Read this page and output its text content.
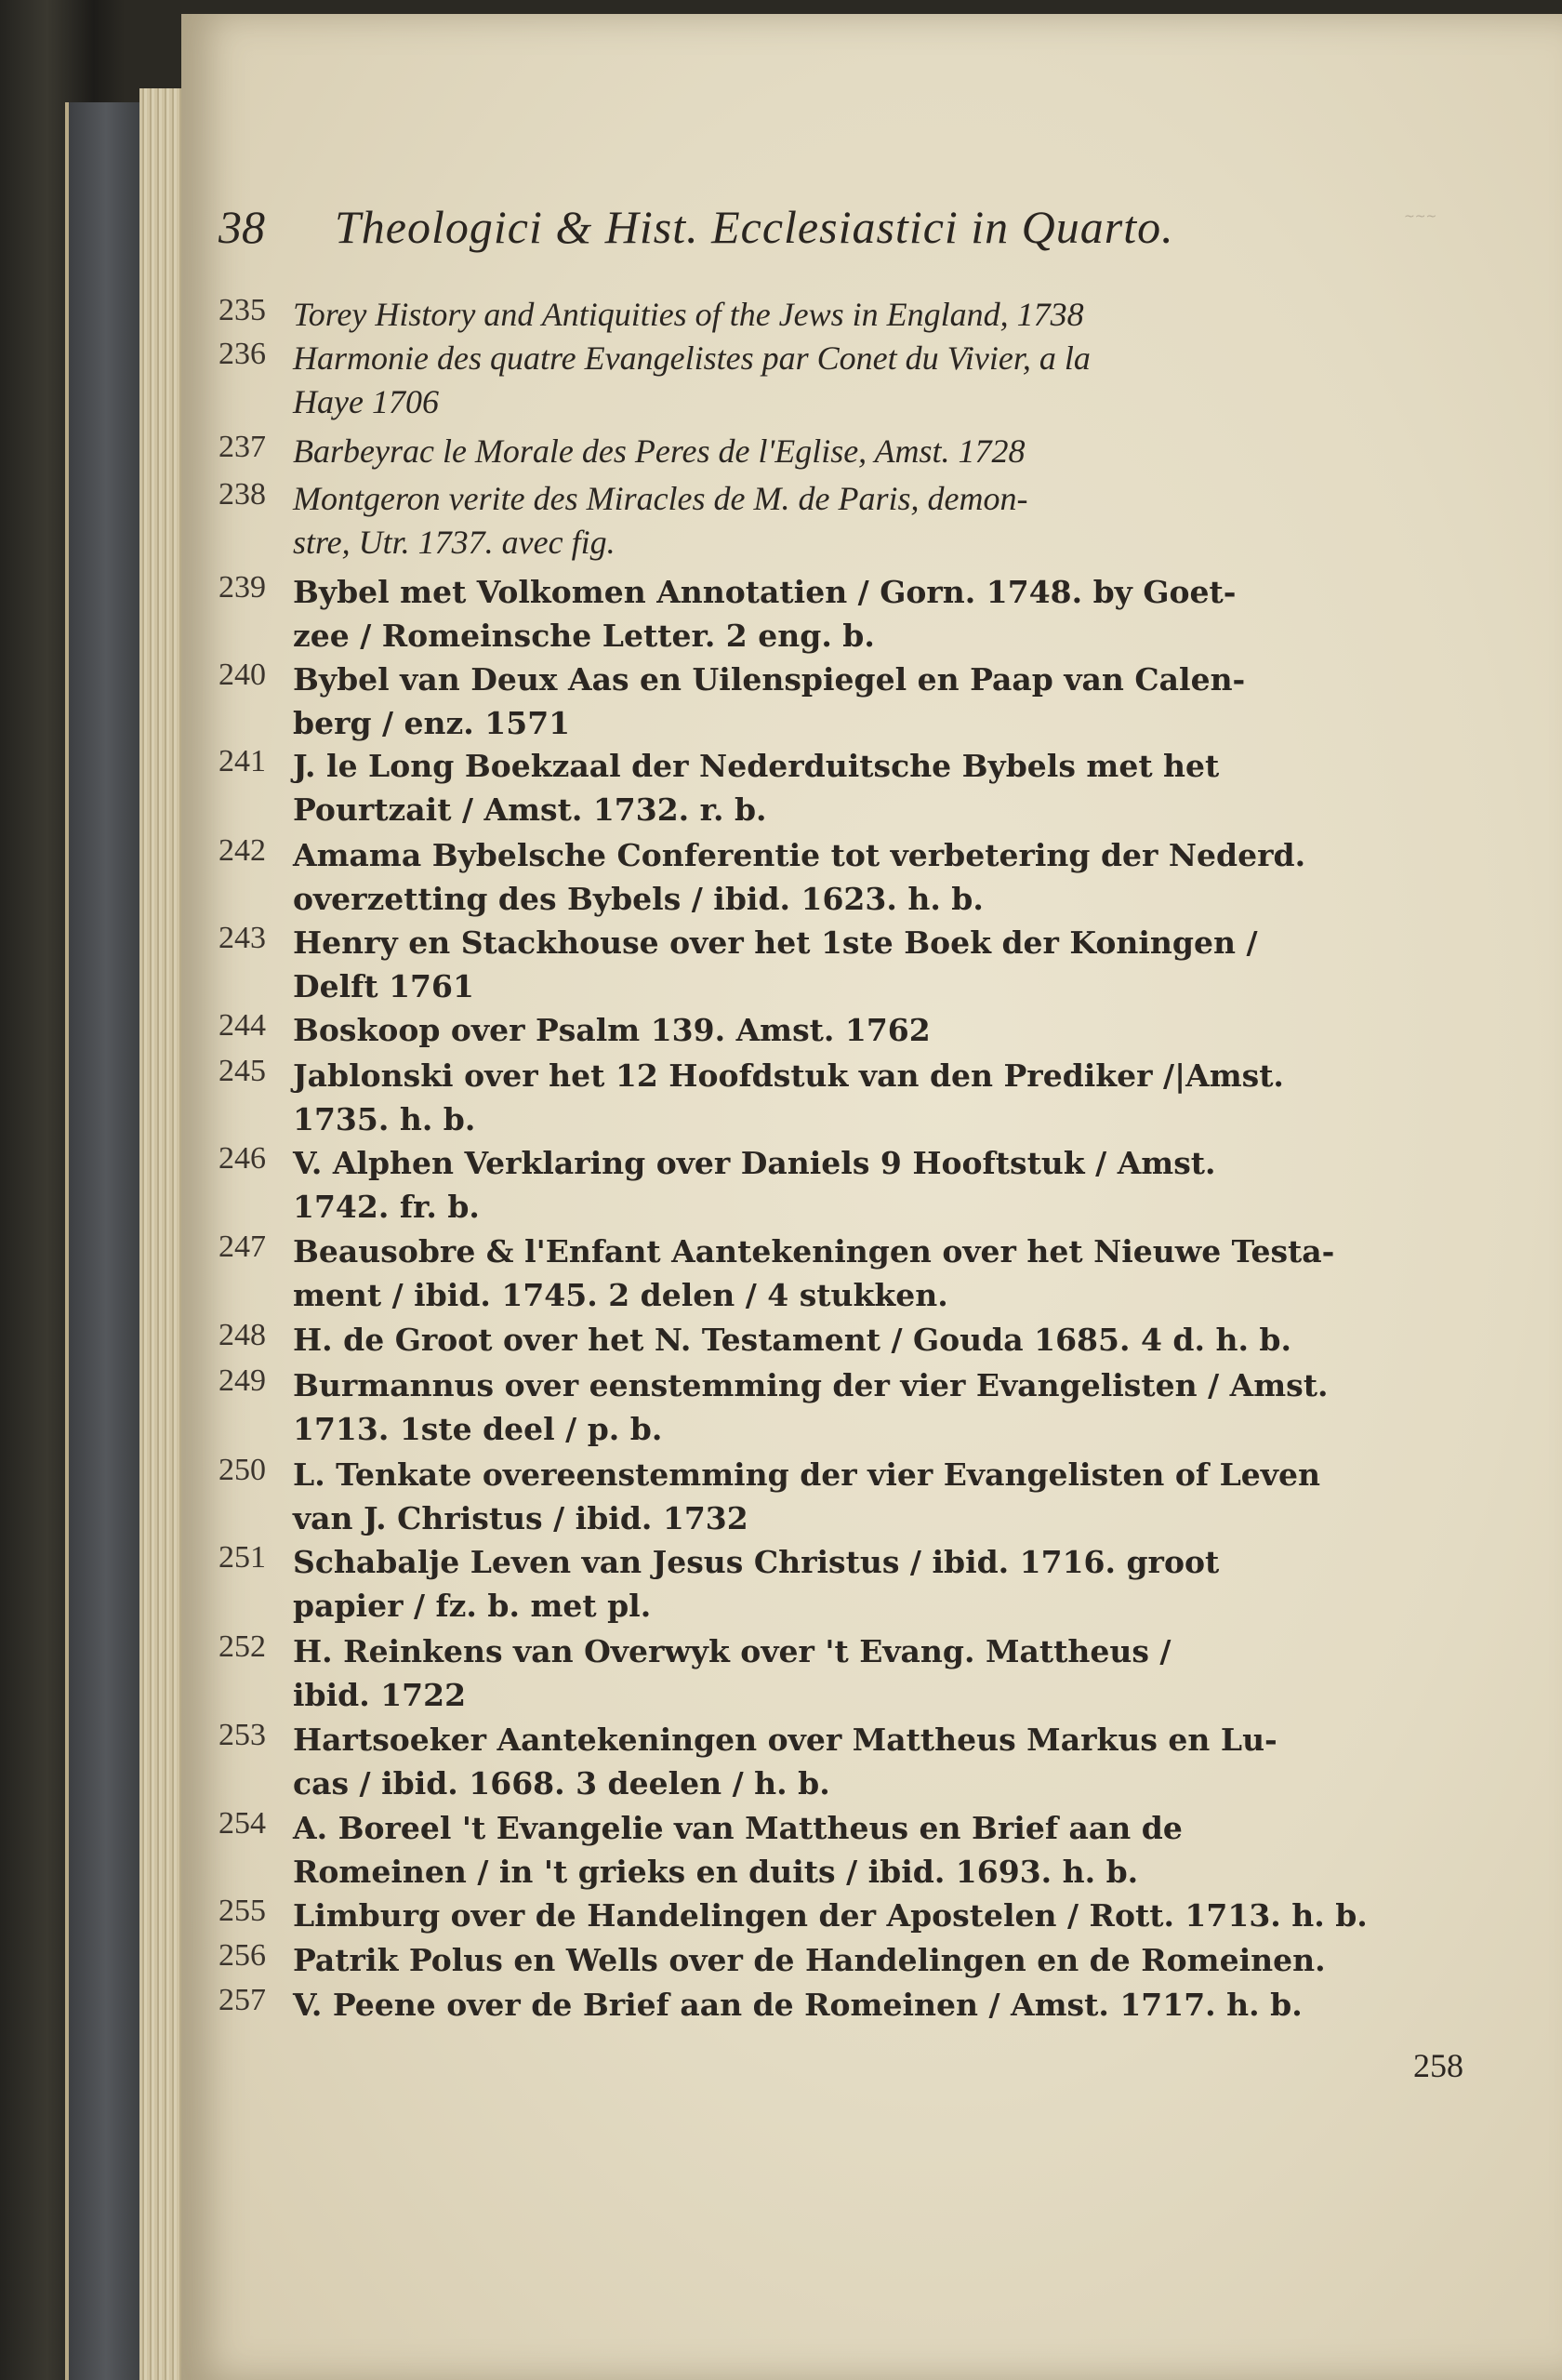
38 Theologici & Hist. Ecclesiastici in Quarto.	~~~
235 Torey History and Antiquities of the Jews in England, 1738
236 Harmonie des quatre Evangelistes par Conet du Vivier, a la
Haye 1706
237 Barbeyrac le Morale des Peres de l'Eglise, Amst. 1728
238 Montgeron verite des Miracles de M. de Paris, demon-
stre, Utr. 1737. avec fig.
239 Bybel met Volkomen Annotatien / Gorn. 1748. by Goet-
zee / Romeinsche Letter. 2 eng. b.
240 Bybel van Deux Aas en Uilenspiegel en Paap van Calen-
berg / enz. 1571
241 J. le Long Boekzaal der Nederduitsche Bybels met het
Pourtzait / Amst. 1732. r. b.
242 Amama Bybelsche Conferentie tot verbetering der Nederd.
overzetting des Bybels / ibid. 1623. h. b.
243 Henry en Stackhouse over het 1ste Boek der Koningen /
Delft 1761
244 Boskoop over Psalm 139. Amst. 1762
245 Jablonski over het 12 Hoofdstuk van den Prediker /|Amst.
1735. h. b.
246 V. Alphen Verklaring over Daniels 9 Hooftstuk / Amst.
1742. fr. b.
247 Beausobre & l'Enfant Aantekeningen over het Nieuwe Testa-
ment / ibid. 1745. 2 delen / 4 stukken.
248 H. de Groot over het N. Testament / Gouda 1685. 4 d. h. b.
249 Burmannus over eenstemming der vier Evangelisten / Amst.
1713. 1ste deel / p. b.
250 L. Tenkate overeenstemming der vier Evangelisten of Leven
van J. Christus / ibid. 1732
251 Schabalje Leven van Jesus Christus / ibid. 1716. groot
papier / fz. b. met pl.
252 H. Reinkens van Overwyk over 't Evang. Mattheus /
ibid. 1722
253 Hartsoeker Aantekeningen over Mattheus Markus en Lu-
cas / ibid. 1668. 3 deelen / h. b.
254 A. Boreel 't Evangelie van Mattheus en Brief aan de
Romeinen / in 't grieks en duits / ibid. 1693. h. b.
255 Limburg over de Handelingen der Apostelen / Rott. 1713. h. b.
256 Patrik Polus en Wells over de Handelingen en de Romeinen.
257 V. Peene over de Brief aan de Romeinen / Amst. 1717. h. b.
258
